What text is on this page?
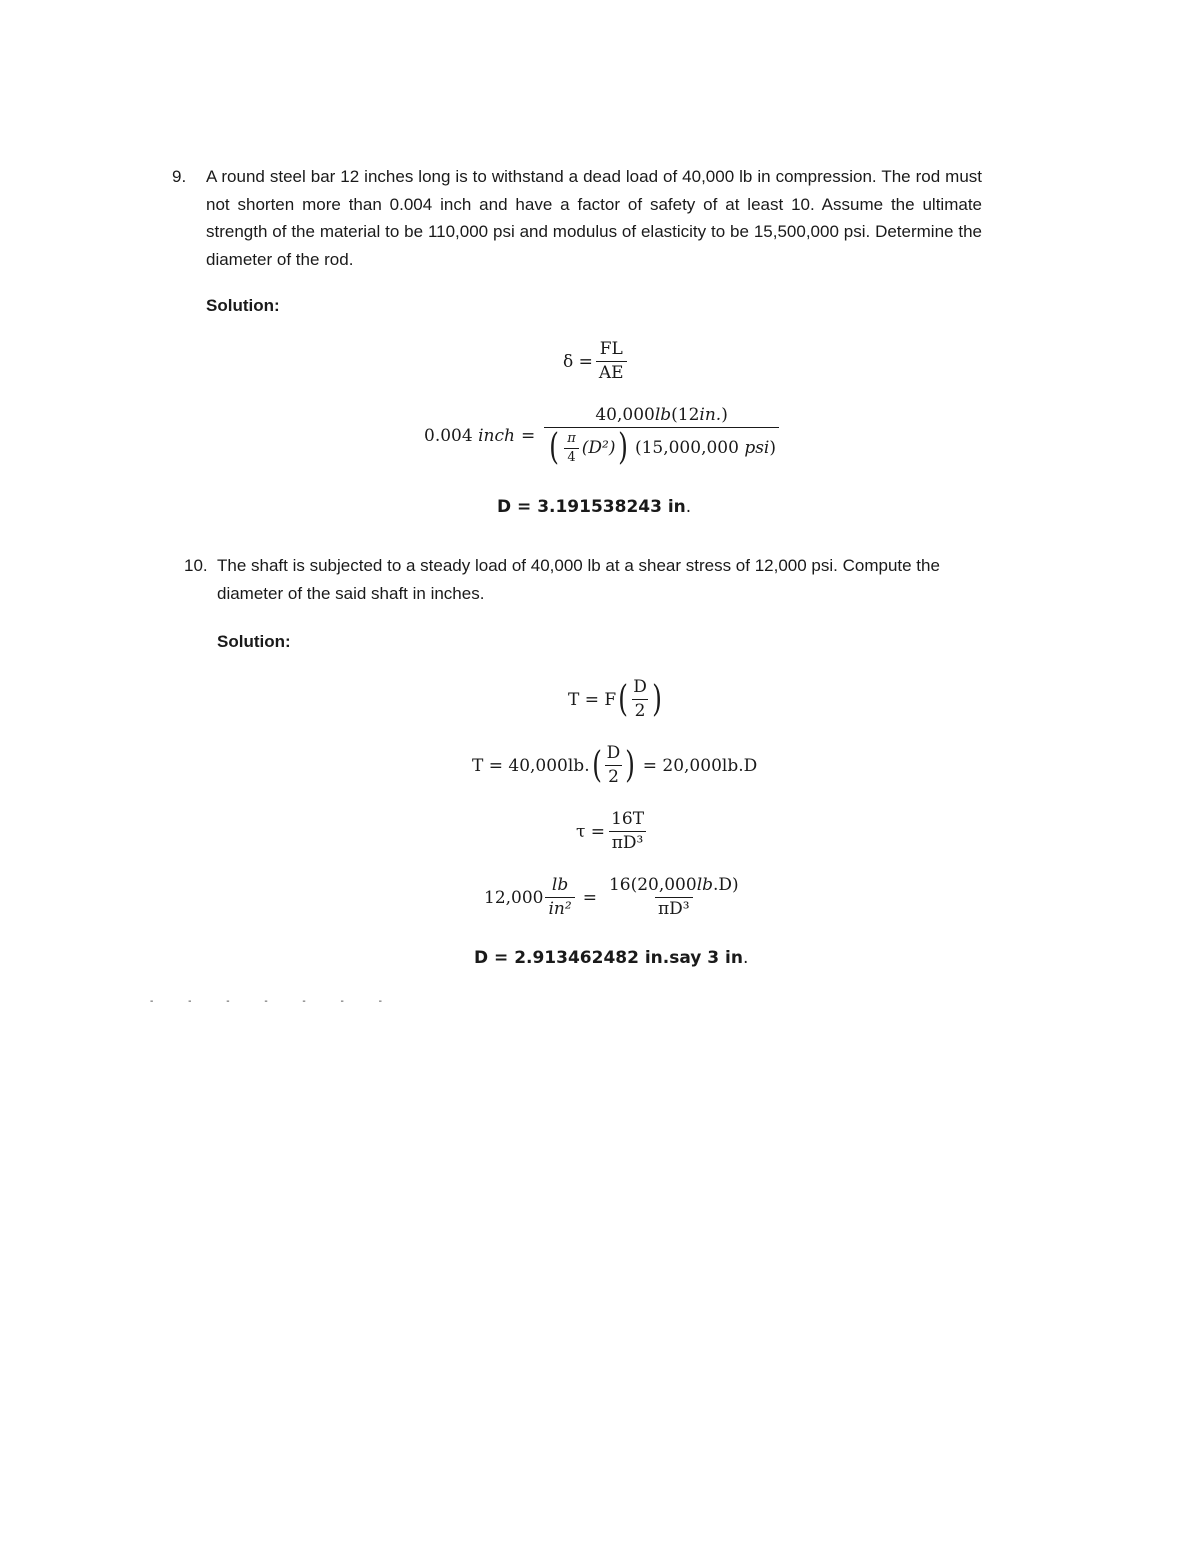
9. A round steel bar 12 inches long is to withstand a dead load of 40,000 lb in compression. The rod must not shorten more than 0.004 inch and have a factor of safety of at least 10. Assume the ultimate strength of the material to be 110,000 psi and modulus of elasticity to be 15,500,000 psi. Determine the diameter of the rod.
Solution:
$\delta = \frac{FL}{AE}$
0.004
inch =
40,000lb(12in.)
( $\frac{\pi}{4} (D^2)$ )
(15,000,000
psi )
D = 3.191538243 in.
10. The shaft is subjected to a steady load of 40,000 lb at a shear stress of 12,000 psi. Compute the diameter of the said shaft in inches.
Solution:
T = F ( $\frac{D}{2}$ )
T = 40,000lb. ( $\frac{D}{2}$ )
= 20,000lb.D
$\tau = \frac{16T}{\text{πD³}}$
$12,000 \frac{lb}{\text{in²}} = \frac{16(20,000lb.D)}{\text{πD³}}$
D = 2.913462482 in.say 3 in.
- - - - - - -
